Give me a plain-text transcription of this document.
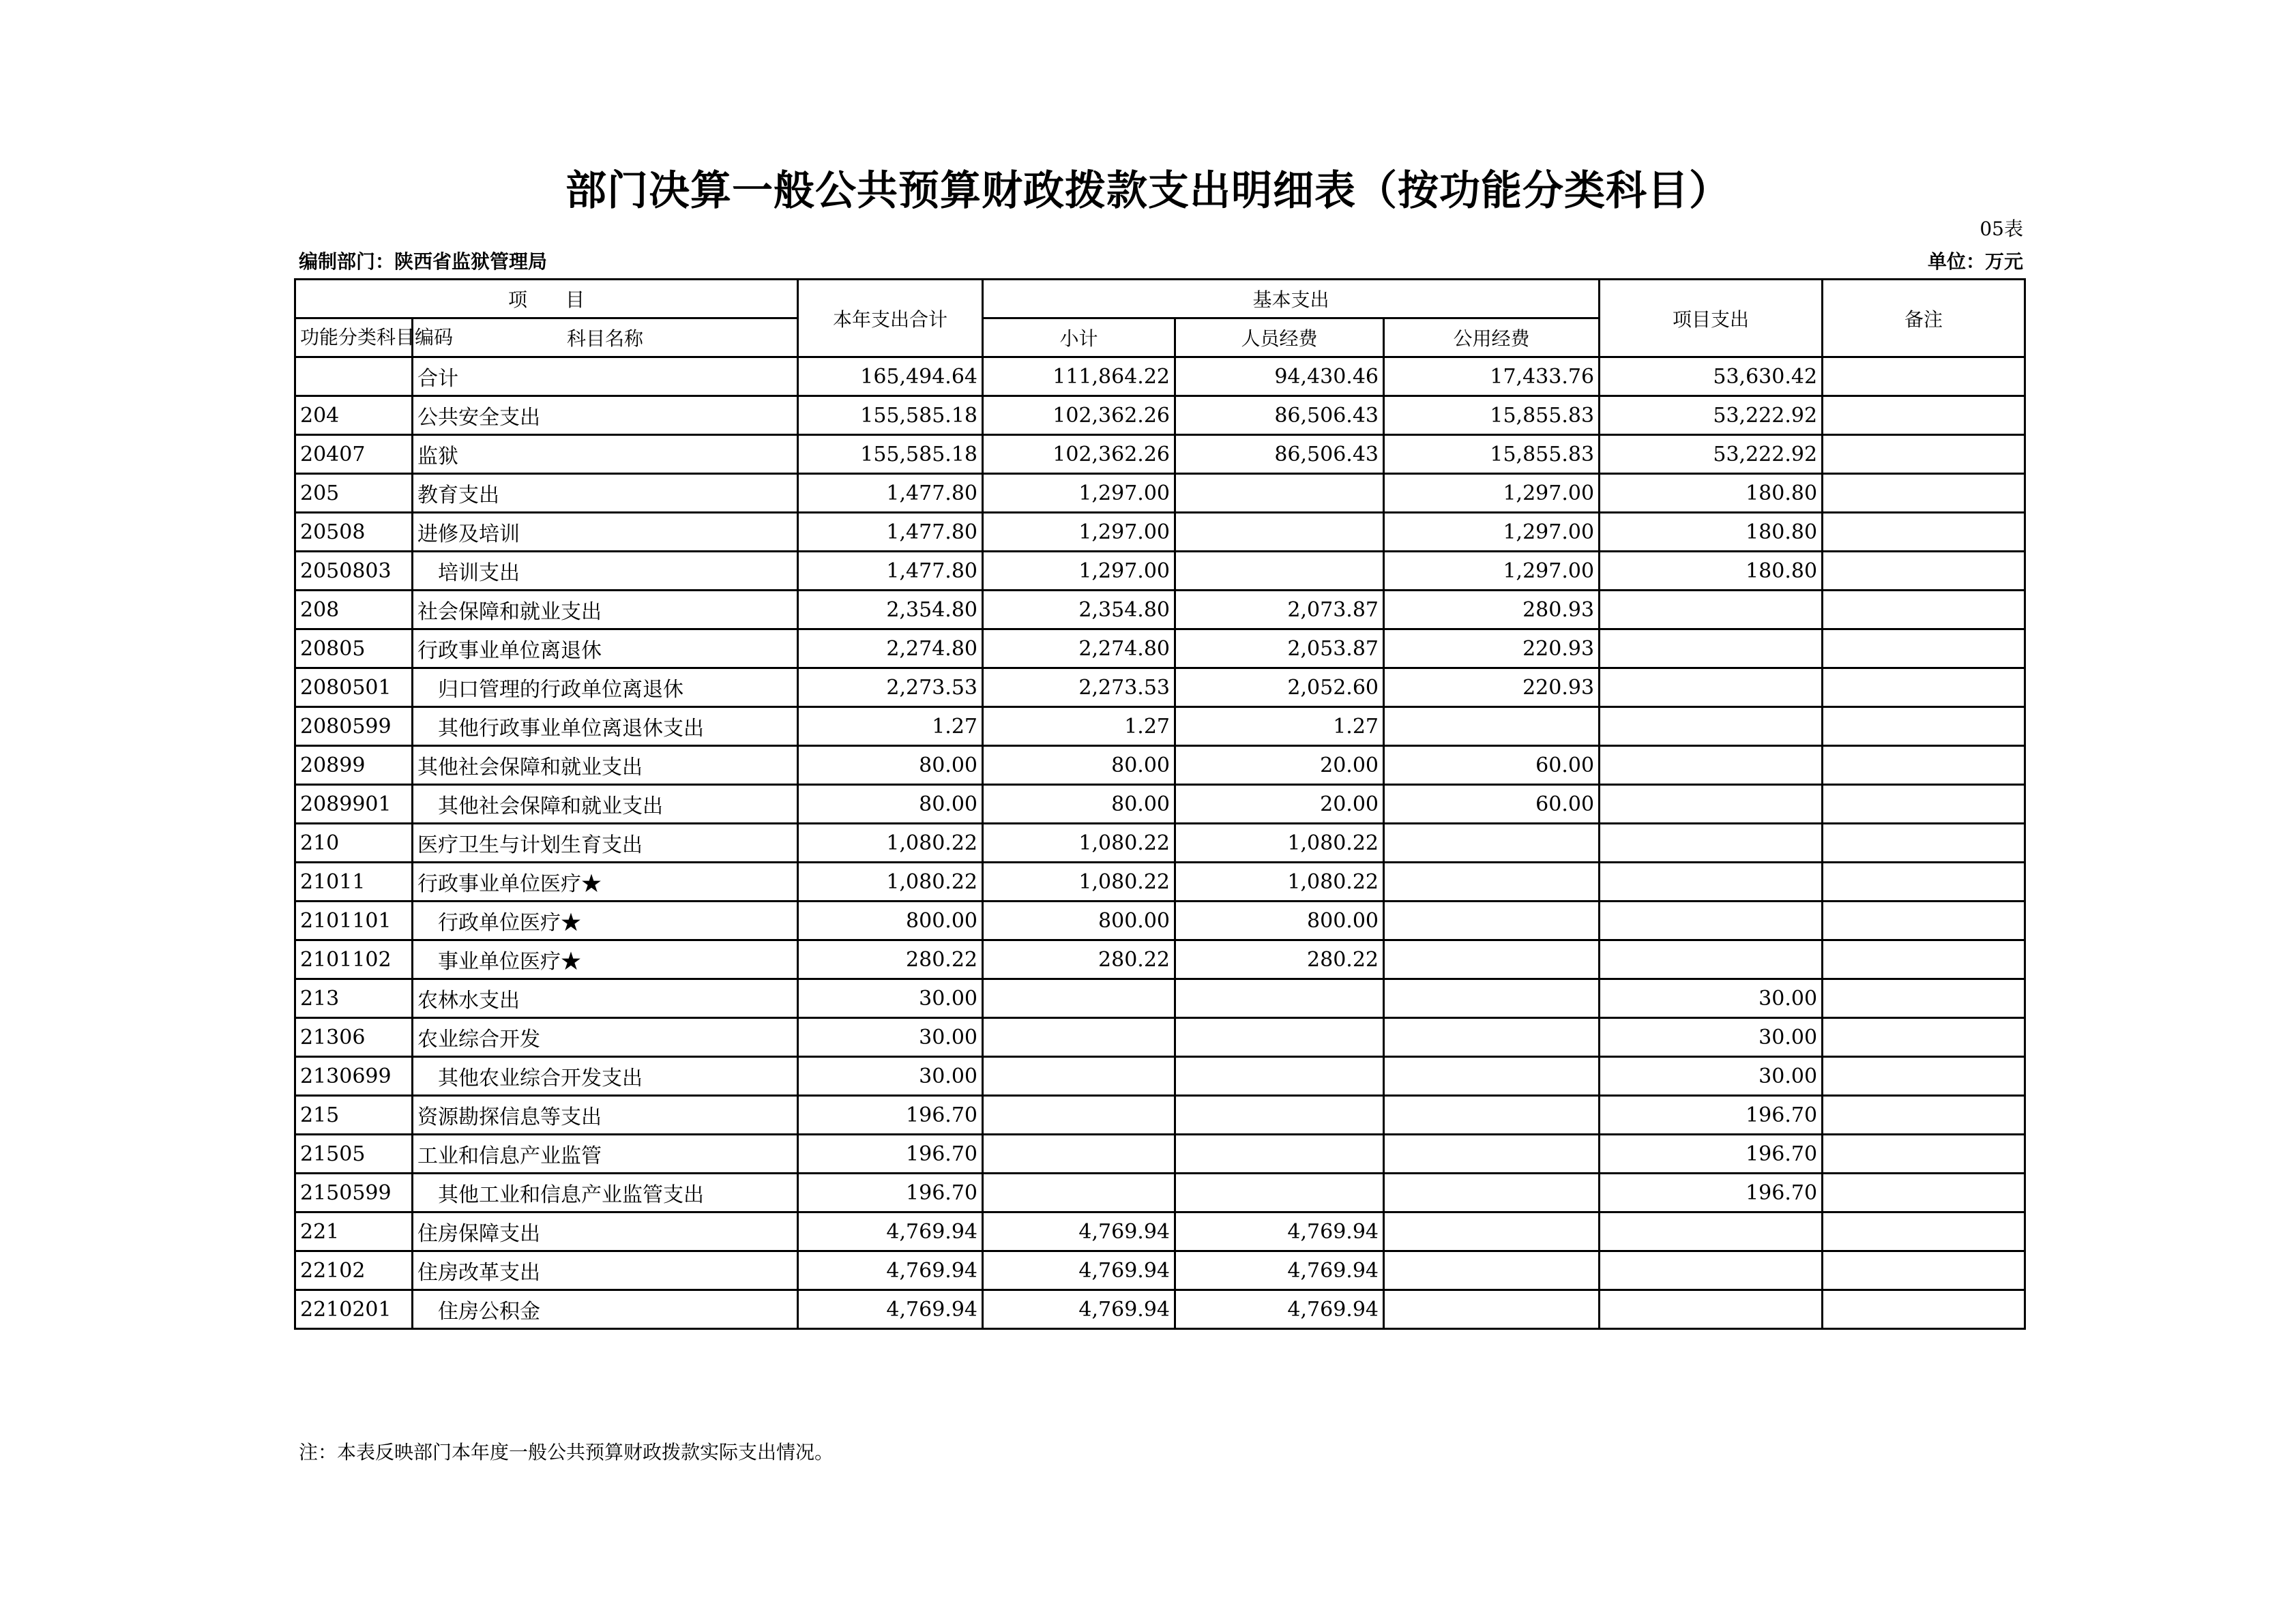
部门决算一般公共预算财政拨款支出明细表（按功能分类科目）
05表
编制部门：陕西省监狱管理局	单位：万元
项　　目		本年支出合计	基本支出			项目支出	备注
功能分类科目编码	科目名称		小计	人员经费	公用经费		
	合计	165,494.64	111,864.22	94,430.46	17,433.76	53,630.42	
204	公共安全支出	155,585.18	102,362.26	86,506.43	15,855.83	53,222.92	
20407	监狱	155,585.18	102,362.26	86,506.43	15,855.83	53,222.92	
205	教育支出	1,477.80	1,297.00		1,297.00	180.80	
20508	进修及培训	1,477.80	1,297.00		1,297.00	180.80	
2050803	培训支出	1,477.80	1,297.00		1,297.00	180.80	
208	社会保障和就业支出	2,354.80	2,354.80	2,073.87	280.93		
20805	行政事业单位离退休	2,274.80	2,274.80	2,053.87	220.93		
2080501	归口管理的行政单位离退休	2,273.53	2,273.53	2,052.60	220.93		
2080599	其他行政事业单位离退休支出	1.27	1.27	1.27			
20899	其他社会保障和就业支出	80.00	80.00	20.00	60.00		
2089901	其他社会保障和就业支出	80.00	80.00	20.00	60.00		
210	医疗卫生与计划生育支出	1,080.22	1,080.22	1,080.22			
21011	行政事业单位医疗★	1,080.22	1,080.22	1,080.22			
2101101	行政单位医疗★	800.00	800.00	800.00			
2101102	事业单位医疗★	280.22	280.22	280.22			
213	农林水支出	30.00				30.00	
21306	农业综合开发	30.00				30.00	
2130699	其他农业综合开发支出	30.00				30.00	
215	资源勘探信息等支出	196.70				196.70	
21505	工业和信息产业监管	196.70				196.70	
2150599	其他工业和信息产业监管支出	196.70				196.70	
221	住房保障支出	4,769.94	4,769.94	4,769.94			
22102	住房改革支出	4,769.94	4,769.94	4,769.94			
2210201	住房公积金	4,769.94	4,769.94	4,769.94			
注：本表反映部门本年度一般公共预算财政拨款实际支出情况。
